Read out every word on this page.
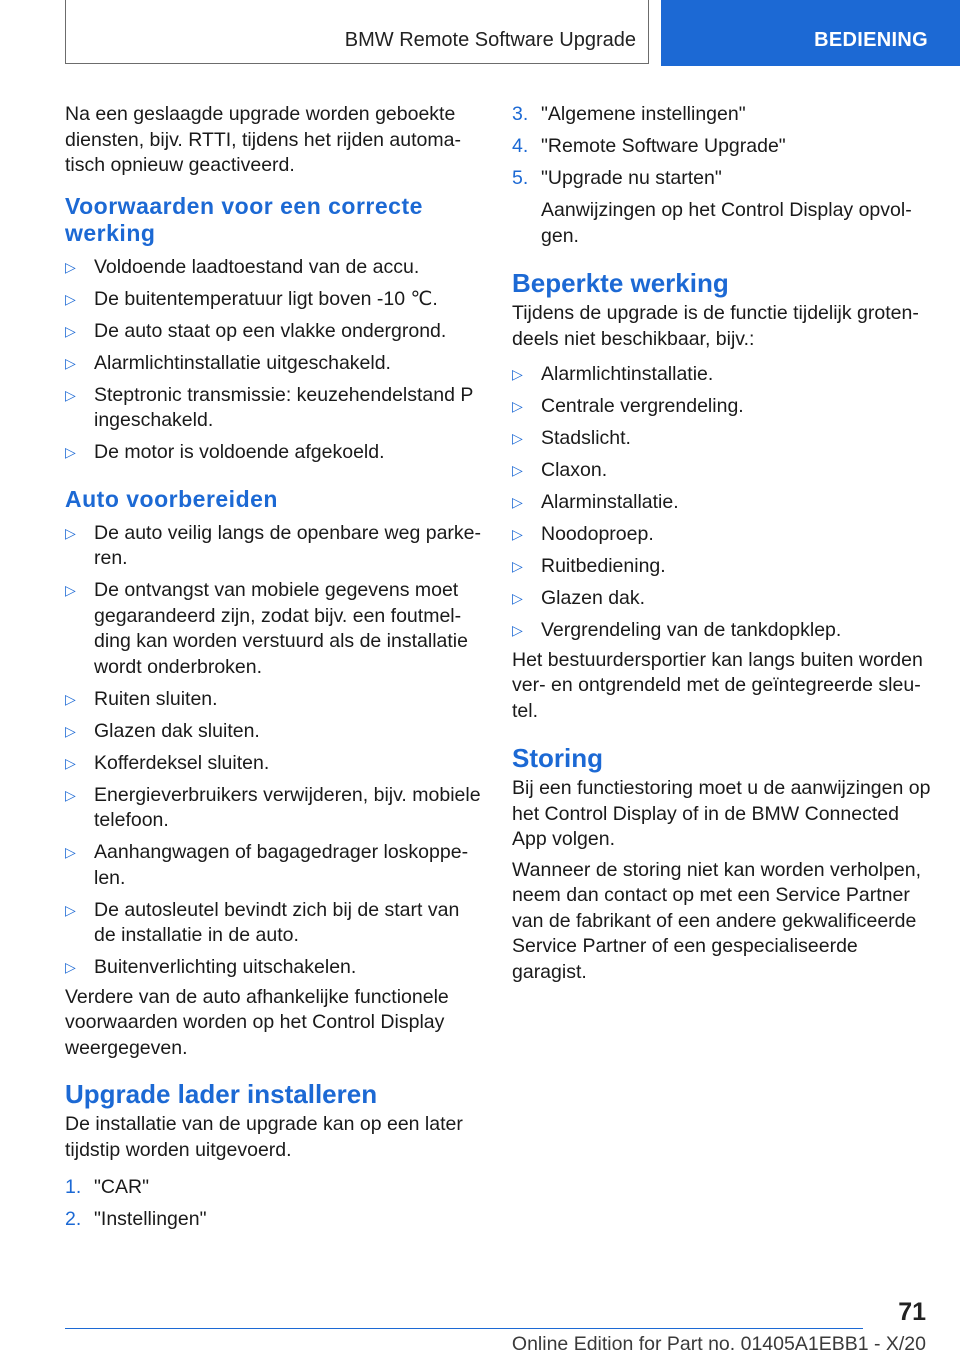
BMW Remote Software Upgrade	BEDIENING

Na een geslaagde upgrade worden geboekte diensten, bijv. RTTI, tijdens het rijden automatisch opnieuw geactiveerd.

Voorwaarden voor een correcte werking
▷ Voldoende laadtoestand van de accu.
▷ De buitentemperatuur ligt boven -10 ℃.
▷ De auto staat op een vlakke ondergrond.
▷ Alarmlichtinstallatie uitgeschakeld.
▷ Steptronic transmissie: keuzehendelstand P ingeschakeld.
▷ De motor is voldoende afgekoeld.
Auto voorbereiden
▷ De auto veilig langs de openbare weg parkeren.
▷ De ontvangst van mobiele gegevens moet gegarandeerd zijn, zodat bijv. een foutmelding kan worden verstuurd als de installatie wordt onderbroken.
▷ Ruiten sluiten.
▷ Glazen dak sluiten.
▷ Kofferdeksel sluiten.
▷ Energieverbruikers verwijderen, bijv. mobiele telefoon.
▷ Aanhangwagen of bagagedrager loskoppelen.
▷ De autosleutel bevindt zich bij de start van de installatie in de auto.
▷ Buitenverlichting uitschakelen.

Verdere van de auto afhankelijke functionele voorwaarden worden op het Control Display weergegeven.

Upgrade lader installeren

De installatie van de upgrade kan op een later tijdstip worden uitgevoerd.

1. "CAR"
2. "Instellingen"
3. "Algemene instellingen"
4. "Remote Software Upgrade"
5. "Upgrade nu starten"

Aanwijzingen op het Control Display opvolgen.

Beperkte werking

Tijdens de upgrade is de functie tijdelijk grotendeels niet beschikbaar, bijv.:

▷ Alarmlichtinstallatie.
▷ Centrale vergrendeling.
▷ Stadslicht.
▷ Claxon.
▷ Alarminstallatie.
▷ Noodoproep.
▷ Ruitbediening.
▷ Glazen dak.
▷ Vergrendeling van de tankdopklep.

Het bestuurdersportier kan langs buiten worden ver- en ontgrendeld met de geïntegreerde sleutel.

Storing

Bij een functiestoring moet u de aanwijzingen op het Control Display of in de BMW Connected App volgen.

Wanneer de storing niet kan worden verholpen, neem dan contact op met een Service Partner van de fabrikant of een andere gekwalificeerde Service Partner of een gespecialiseerde garagist.

71
Online Edition for Part no. 01405A1EBB1 - X/20
